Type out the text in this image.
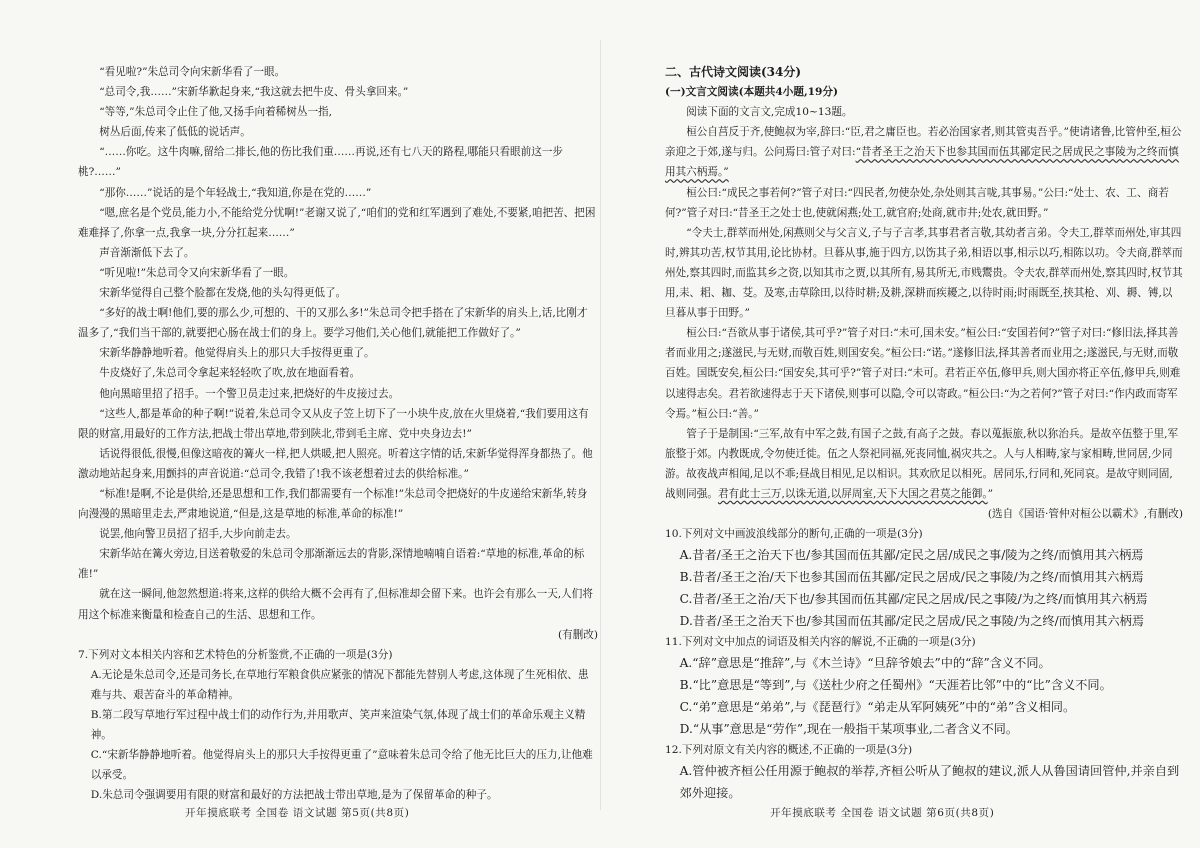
“看见啦?”朱总司令向宋新华看了一眼。

“总司令,我……”宋新华歉起身来,“我这就去把牛皮、骨头拿回来。”

“等等,”朱总司令止住了他,又扬手向着稀树丛一指,

树丛后面,传来了低低的说话声。

“……你吃。这牛肉嘛,留给二排长,他的伤比我们重……再说,还有七八天的路程,哪能只看眼前这一步桃?……”

“那你……”说话的是个年轻战士,“我知道,你是在党的……”

“嗯,庶名是个党员,能力小,不能给党分忧啊!”老谢又说了,“咱们的党和红军遇到了难处,不要紧,咱把苦、把困难难择了,你拿一点,我拿一块,分分扛起来……”

声音渐渐低下去了。

“听见啦!”朱总司令又向宋新华看了一眼。

宋新华觉得自己整个脸都在发烧,他的头勾得更低了。

“多好的战士啊!他们,要的那么少,可想的、干的又那么多!”朱总司令把手搭在了宋新华的肩头上,话,比刚才温多了,“我们当干部的,就要把心肠在战士们的身上。要学习他们,关心他们,就能把工作做好了。”

宋新华静静地听着。他觉得肩头上的那只大手按得更重了。

牛皮烧好了,朱总司令拿起来轻轻吹了吹,放在地面看着。

他向黑暗里招了招手。一个警卫员走过来,把烧好的牛皮接过去。

“这些人,都是革命的种子啊!”说着,朱总司令又从皮子笠上切下了一小块牛皮,放在火里烧着,“我们要用这有限的财富,用最好的工作方法,把战士带出草地,带到陕北,带到毛主席、党中央身边去!”

话说得很低,很慢,但像这暗夜的篝火一样,把人烘暖,把人照亮。听着这字情的话,宋新华觉得浑身都热了。他激动地站起身来,用颤抖的声音说道:“总司令,我错了!我不该老想着过去的供给标准。”

“标准!是啊,不论是供给,还是思想和工作,我们都需要有一个标准!”朱总司令把烧好的牛皮递给宋新华,转身向漫漫的黑暗里走去,严肃地说道,“但是,这是草地的标准,革命的标准!”

说罢,他向警卫员招了招手,大步向前走去。

宋新华站在篝火旁边,目送着敬爱的朱总司令那渐渐远去的背影,深情地喃喃自语着:“草地的标准,革命的标准!”

就在这一瞬间,他忽然想道:将来,这样的供给大概不会再有了,但标准却会留下来。也许会有那么一天,人们将用这个标准来衡量和检查自己的生活、思想和工作。

(有删改)

7.下列对文本相关内容和艺术特色的分析鉴赏,不正确的一项是(3分)

A.无论是朱总司令,还是司务长,在草地行军粮食供应紧张的情况下都能先替别人考虑,这体现了生死相依、患难与共、艰苦奋斗的革命精神。

B.第二段写草地行军过程中战士们的动作行为,并用歌声、笑声来渲染气氛,体现了战士们的革命乐观主义精神。

C.“宋新华静静地听着。他觉得肩头上的那只大手按得更重了”意味着朱总司令给了他无比巨大的压力,让他难以承受。

D.朱总司令强调要用有限的财富和最好的方法把战士带出草地,是为了保留革命的种子。

开年摸底联考 全国卷 语文试题 第5页(共8页)

二、古代诗文阅读(34分)

(一)文言文阅读(本题共4小题,19分)

阅读下面的文言文,完成10~13题。

桓公自莒反于齐,使鲍叔为宰,辞曰:“臣,君之庸臣也。若必治国家者,则其管夷吾乎。”使请诸鲁,比管仲至,桓公亲迎之于郊,遂与归。公问焉曰:管子对曰:“昔者圣王之治天下也参其国而伍其鄙定民之居成民之事陵为之终而慎用其六柄焉。”

桓公曰:“成民之事若何?”管子对曰:“四民者,勿使杂处,杂处则其言咙,其事易。”公曰:“处士、农、工、商若何?”管子对曰:“昔圣王之处士也,使就闲燕;处工,就官府;处商,就市井;处农,就田野。”

“令夫士,群萃而州处,闲燕则父与父言义,子与子言孝,其事君者言敬,其幼者言弟。令夫工,群萃而州处,审其四时,辨其功苦,权节其用,论比协材。旦暮从事,施于四方,以饬其子弟,相语以事,相示以巧,相陈以功。令夫商,群萃而州处,察其四时,而监其乡之资,以知其市之贾,以其所有,易其所无,市贱鬻贵。令夫农,群萃而州处,察其四时,权节其用,耒、耜、耞、芟。及寒,击草除田,以待时耕;及耕,深耕而疾耰之,以待时雨;时雨既至,挟其枪、刈、耨、镈,以旦暮从事于田野。”

桓公曰:“吾欲从事于诸侯,其可乎?”管子对曰:“未可,国未安。”桓公曰:“安国若何?”管子对曰:“修旧法,择其善者而业用之;遂滋民,与无财,而敬百姓,则国安矣。”桓公曰:“诺。”遂修旧法,择其善者而业用之;遂滋民,与无财,而敬百姓。国既安矣,桓公曰:“国安矣,其可乎?”管子对曰:“未可。君若正卒伍,修甲兵,则大国亦将正卒伍,修甲兵,则难以速得志矣。君若欲速得志于天下诸侯,则事可以隐,令可以寄政。”桓公曰:“为之若何?”管子对曰:“作内政而寄军令焉。”桓公曰:“善。”

管子于是制国:“三军,故有中军之鼓,有国子之鼓,有高子之鼓。春以蒐振旅,秋以狝治兵。是故卒伍整于里,军旅整于郊。内教既成,令勿使迁徙。伍之人祭祀同福,死丧同恤,祸灾共之。人与人相畴,家与家相畴,世同居,少同游。故夜战声相闻,足以不乖;昼战目相见,足以相识。其欢欣足以相死。居同乐,行同和,死同哀。是故守则同固,战则同强。君有此士三万,以诛无道,以屏周室,天下大国之君莫之能御。”

(选自《国语·管仲对桓公以霸术》,有删改)

10.下列对文中画波浪线部分的断句,正确的一项是(3分)

A.昔者/圣王之治天下也/参其国而伍其鄙/定民之居/成民之事/陵为之终/而慎用其六柄焉

B.昔者/圣王之治/天下也参其国而伍其鄙/定民之居成/民之事陵/为之终/而慎用其六柄焉

C.昔者/圣王之治/天下也/参其国而伍其鄙/定民之居成/民之事陵/为之终/而慎用其六柄焉

D.昔者/圣王之治天下也/参其国而伍其鄙/定民之居成/民之事陵/为之终/而慎用其六柄焉

11.下列对文中加点的词语及相关内容的解说,不正确的一项是(3分)

A.“辞”意思是“推辞”,与《木兰诗》“旦辞爷娘去”中的“辞”含义不同。

B.“比”意思是“等到”,与《送杜少府之任蜀州》“天涯若比邻”中的“比”含义不同。

C.“弟”意思是“弟弟”,与《琵琶行》“弟走从军阿姨死”中的“弟”含义相同。

D.“从事”意思是“劳作”,现在一般指干某项事业,二者含义不同。

12.下列对原文有关内容的概述,不正确的一项是(3分)

A.管仲被齐桓公任用源于鲍叔的举荐,齐桓公听从了鲍叔的建议,派人从鲁国请回管仲,并亲自到郊外迎接。

开年摸底联考 全国卷 语文试题 第6页(共8页)
